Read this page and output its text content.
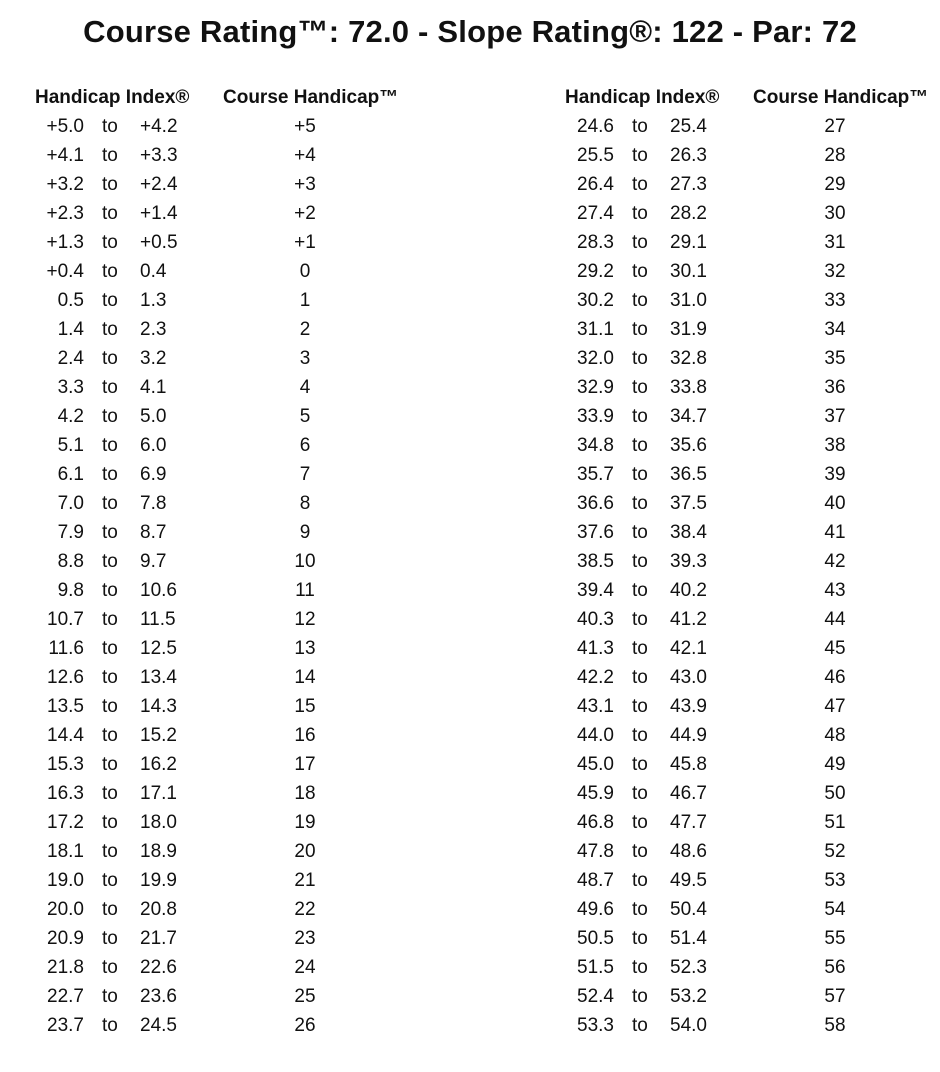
Course Rating™: 72.0 - Slope Rating®: 122 - Par: 72
Handicap Index® Course Handicap™
+5.0 to +4.2	+5
+4.1 to +3.3	+4
+3.2 to +2.4	+3
+2.3 to +1.4	+2
+1.3 to +0.5	+1
+0.4 to 0.4	0
0.5 to 1.3	1
1.4 to 2.3	2
2.4 to 3.2	3
3.3 to 4.1	4
4.2 to 5.0	5
5.1 to 6.0	6
6.1 to 6.9	7
7.0 to 7.8	8
7.9 to 8.7	9
8.8 to 9.7	10
9.8 to 10.6	11
10.7 to 11.5	12
11.6 to 12.5	13
12.6 to 13.4	14
13.5 to 14.3	15
14.4 to 15.2	16
15.3 to 16.2	17
16.3 to 17.1	18
17.2 to 18.0	19
18.1 to 18.9	20
19.0 to 19.9	21
20.0 to 20.8	22
20.9 to 21.7	23
21.8 to 22.6	24
22.7 to 23.6	25
23.7 to 24.5	26
Handicap Index® Course Handicap™
24.6 to 25.4	27
25.5 to 26.3	28
26.4 to 27.3	29
27.4 to 28.2	30
28.3 to 29.1	31
29.2 to 30.1	32
30.2 to 31.0	33
31.1 to 31.9	34
32.0 to 32.8	35
32.9 to 33.8	36
33.9 to 34.7	37
34.8 to 35.6	38
35.7 to 36.5	39
36.6 to 37.5	40
37.6 to 38.4	41
38.5 to 39.3	42
39.4 to 40.2	43
40.3 to 41.2	44
41.3 to 42.1	45
42.2 to 43.0	46
43.1 to 43.9	47
44.0 to 44.9	48
45.0 to 45.8	49
45.9 to 46.7	50
46.8 to 47.7	51
47.8 to 48.6	52
48.7 to 49.5	53
49.6 to 50.4	54
50.5 to 51.4	55
51.5 to 52.3	56
52.4 to 53.2	57
53.3 to 54.0	58
